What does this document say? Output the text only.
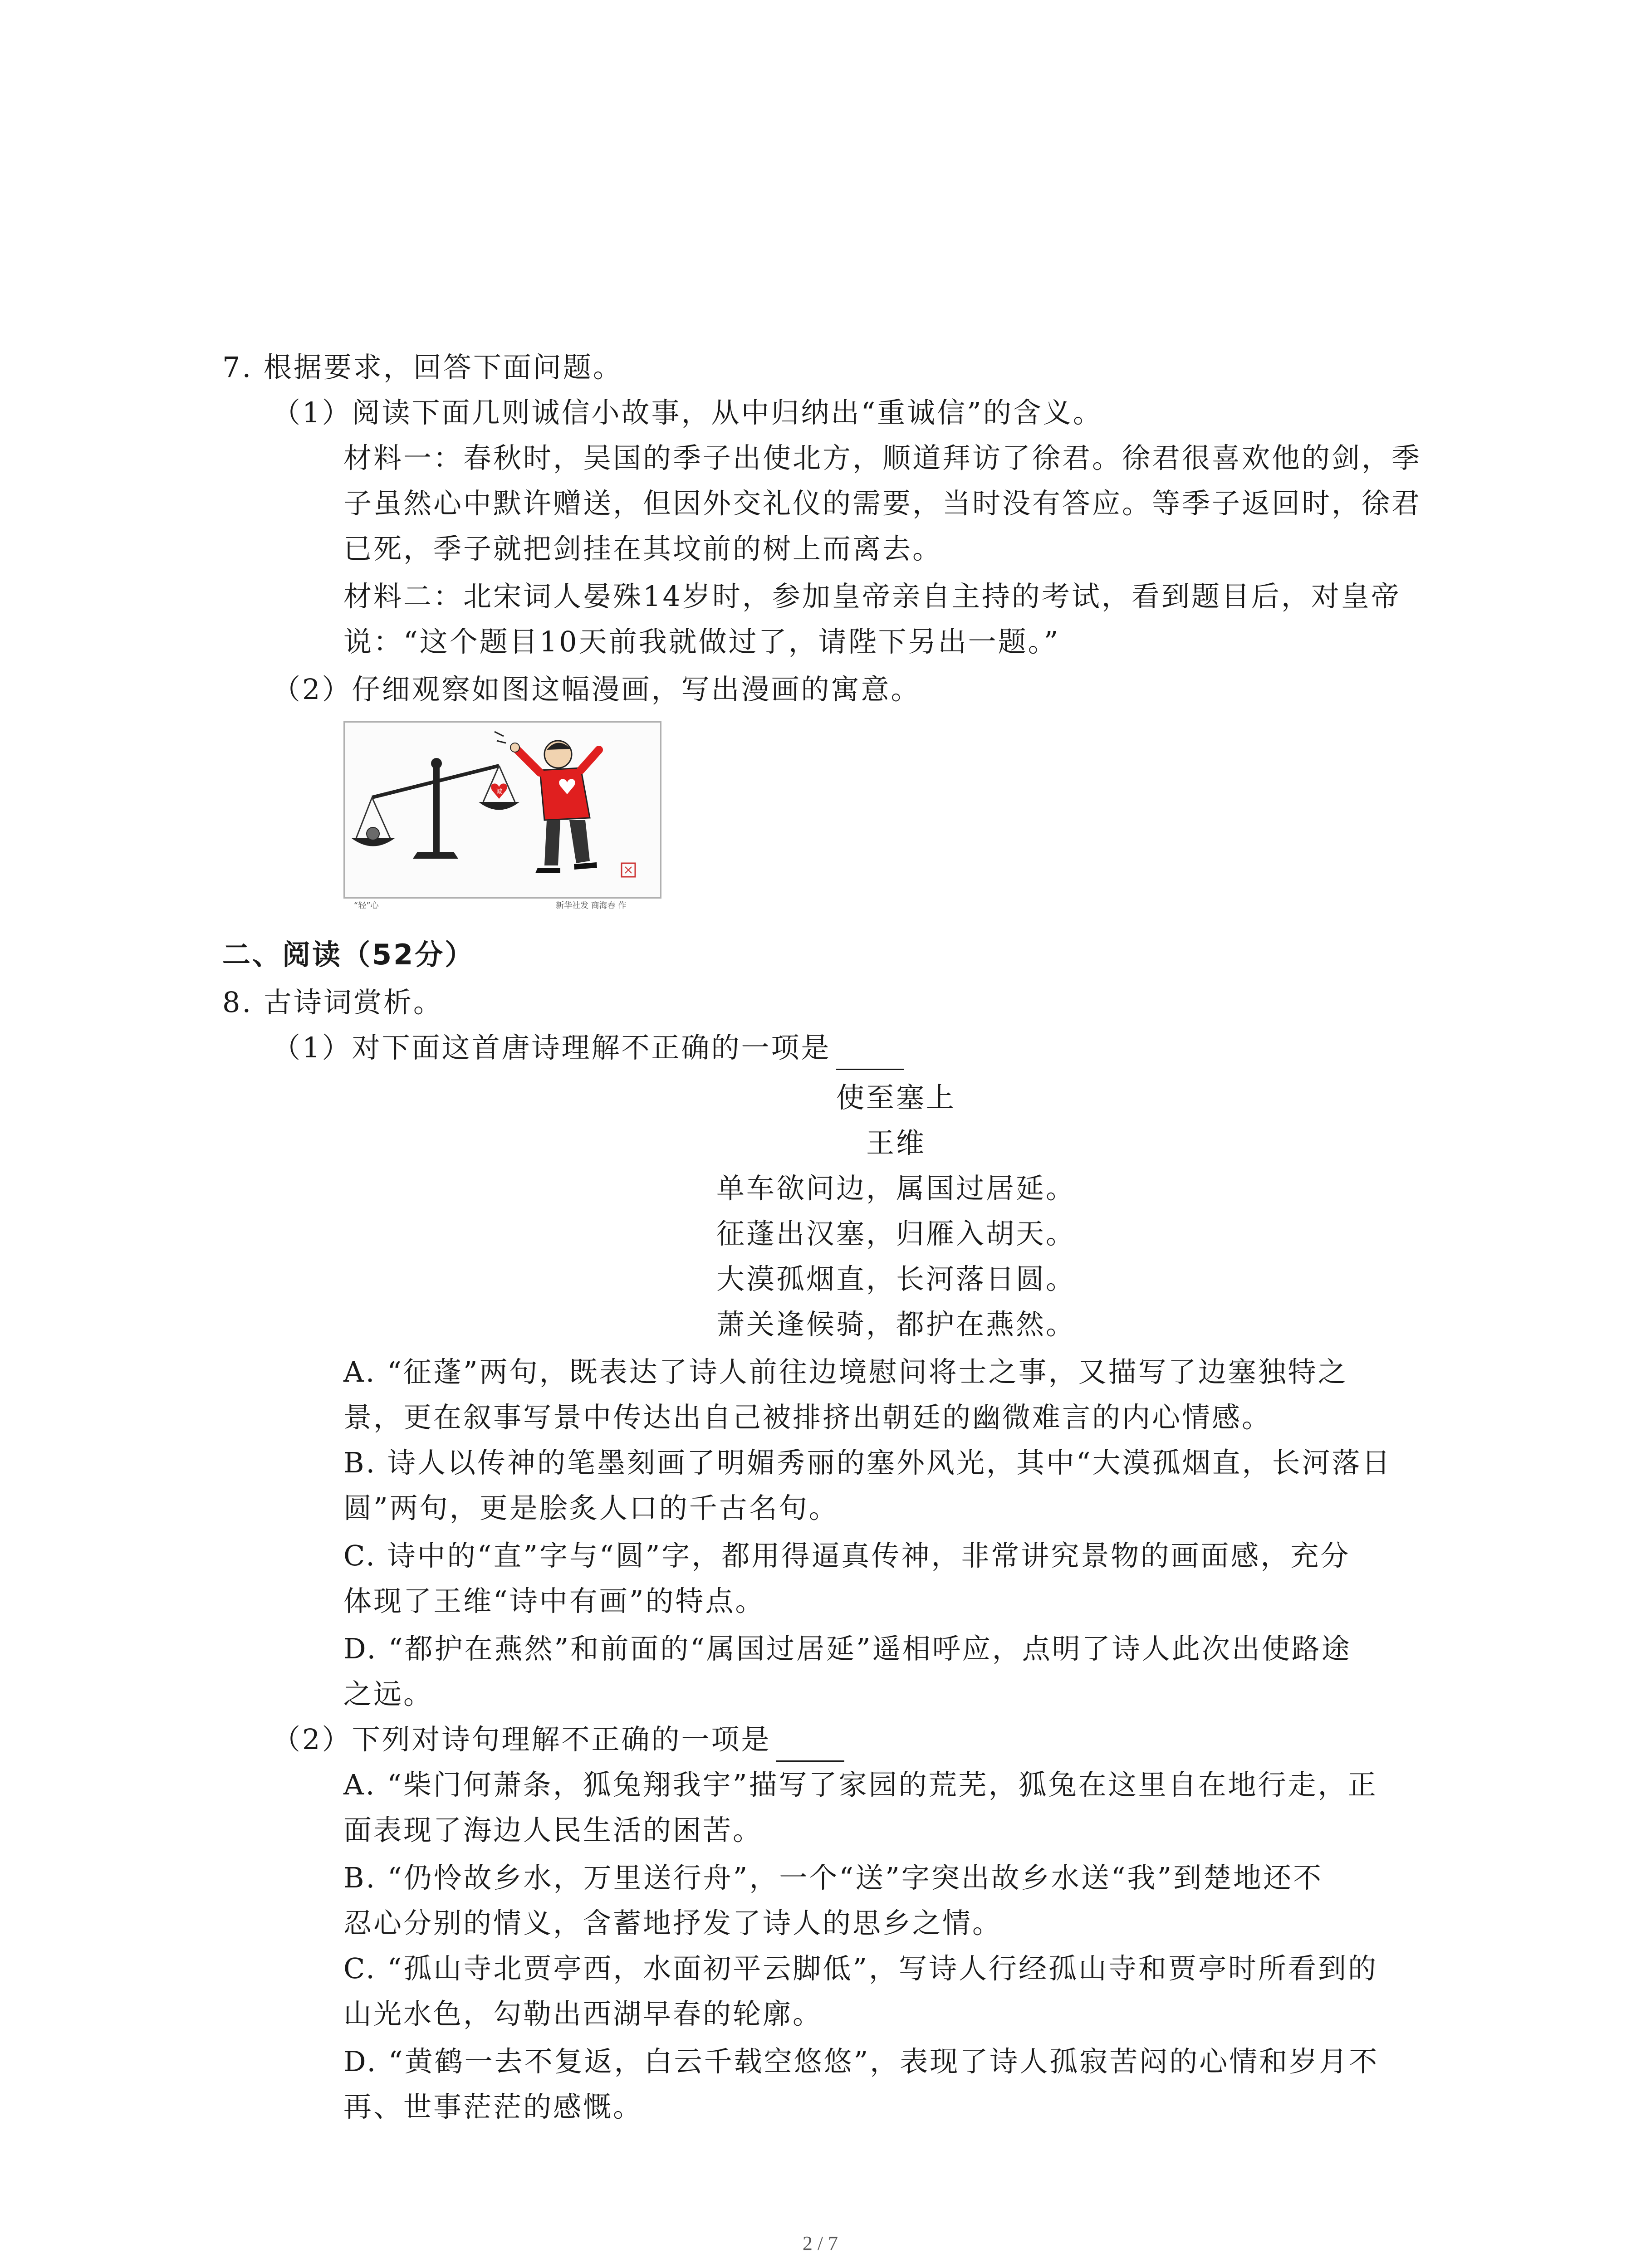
7. 根据要求，回答下面问题。
（1）阅读下面几则诚信小故事，从中归纳出“重诚信”的含义。
材料一：春秋时，吴国的季子出使北方，顺道拜访了徐君。徐君很喜欢他的剑，季
子虽然心中默许赠送，但因外交礼仪的需要，当时没有答应。等季子返回时，徐君
已死，季子就把剑挂在其坟前的树上而离去。
材料二：北宋词人晏殊14岁时，参加皇帝亲自主持的考试，看到题目后，对皇帝
说：“这个题目10天前我就做过了，请陛下另出一题。”
（2）仔细观察如图这幅漫画，写出漫画的寓意。
诚
“轻”心	新华社发 商海春 作
二、阅读（52分）
8. 古诗词赏析。
（1）对下面这首唐诗理解不正确的一项是
使至塞上
王维
单车欲问边，属国过居延。
征蓬出汉塞，归雁入胡天。
大漠孤烟直，长河落日圆。
萧关逢候骑，都护在燕然。
A. “征蓬”两句，既表达了诗人前往边境慰问将士之事，又描写了边塞独特之
景，更在叙事写景中传达出自己被排挤出朝廷的幽微难言的内心情感。
B. 诗人以传神的笔墨刻画了明媚秀丽的塞外风光，其中“大漠孤烟直，长河落日
圆”两句，更是脍炙人口的千古名句。
C. 诗中的“直”字与“圆”字，都用得逼真传神，非常讲究景物的画面感，充分
体现了王维“诗中有画”的特点。
D. “都护在燕然”和前面的“属国过居延”遥相呼应，点明了诗人此次出使路途
之远。
（2）下列对诗句理解不正确的一项是
A. “柴门何萧条，狐兔翔我宇”描写了家园的荒芜，狐兔在这里自在地行走，正
面表现了海边人民生活的困苦。
B. “仍怜故乡水，万里送行舟”，一个“送”字突出故乡水送“我”到楚地还不
忍心分别的情义，含蓄地抒发了诗人的思乡之情。
C. “孤山寺北贾亭西，水面初平云脚低”，写诗人行经孤山寺和贾亭时所看到的
山光水色，勾勒出西湖早春的轮廓。
D. “黄鹤一去不复返，白云千载空悠悠”，表现了诗人孤寂苦闷的心情和岁月不
再、世事茫茫的感慨。
2 / 7
